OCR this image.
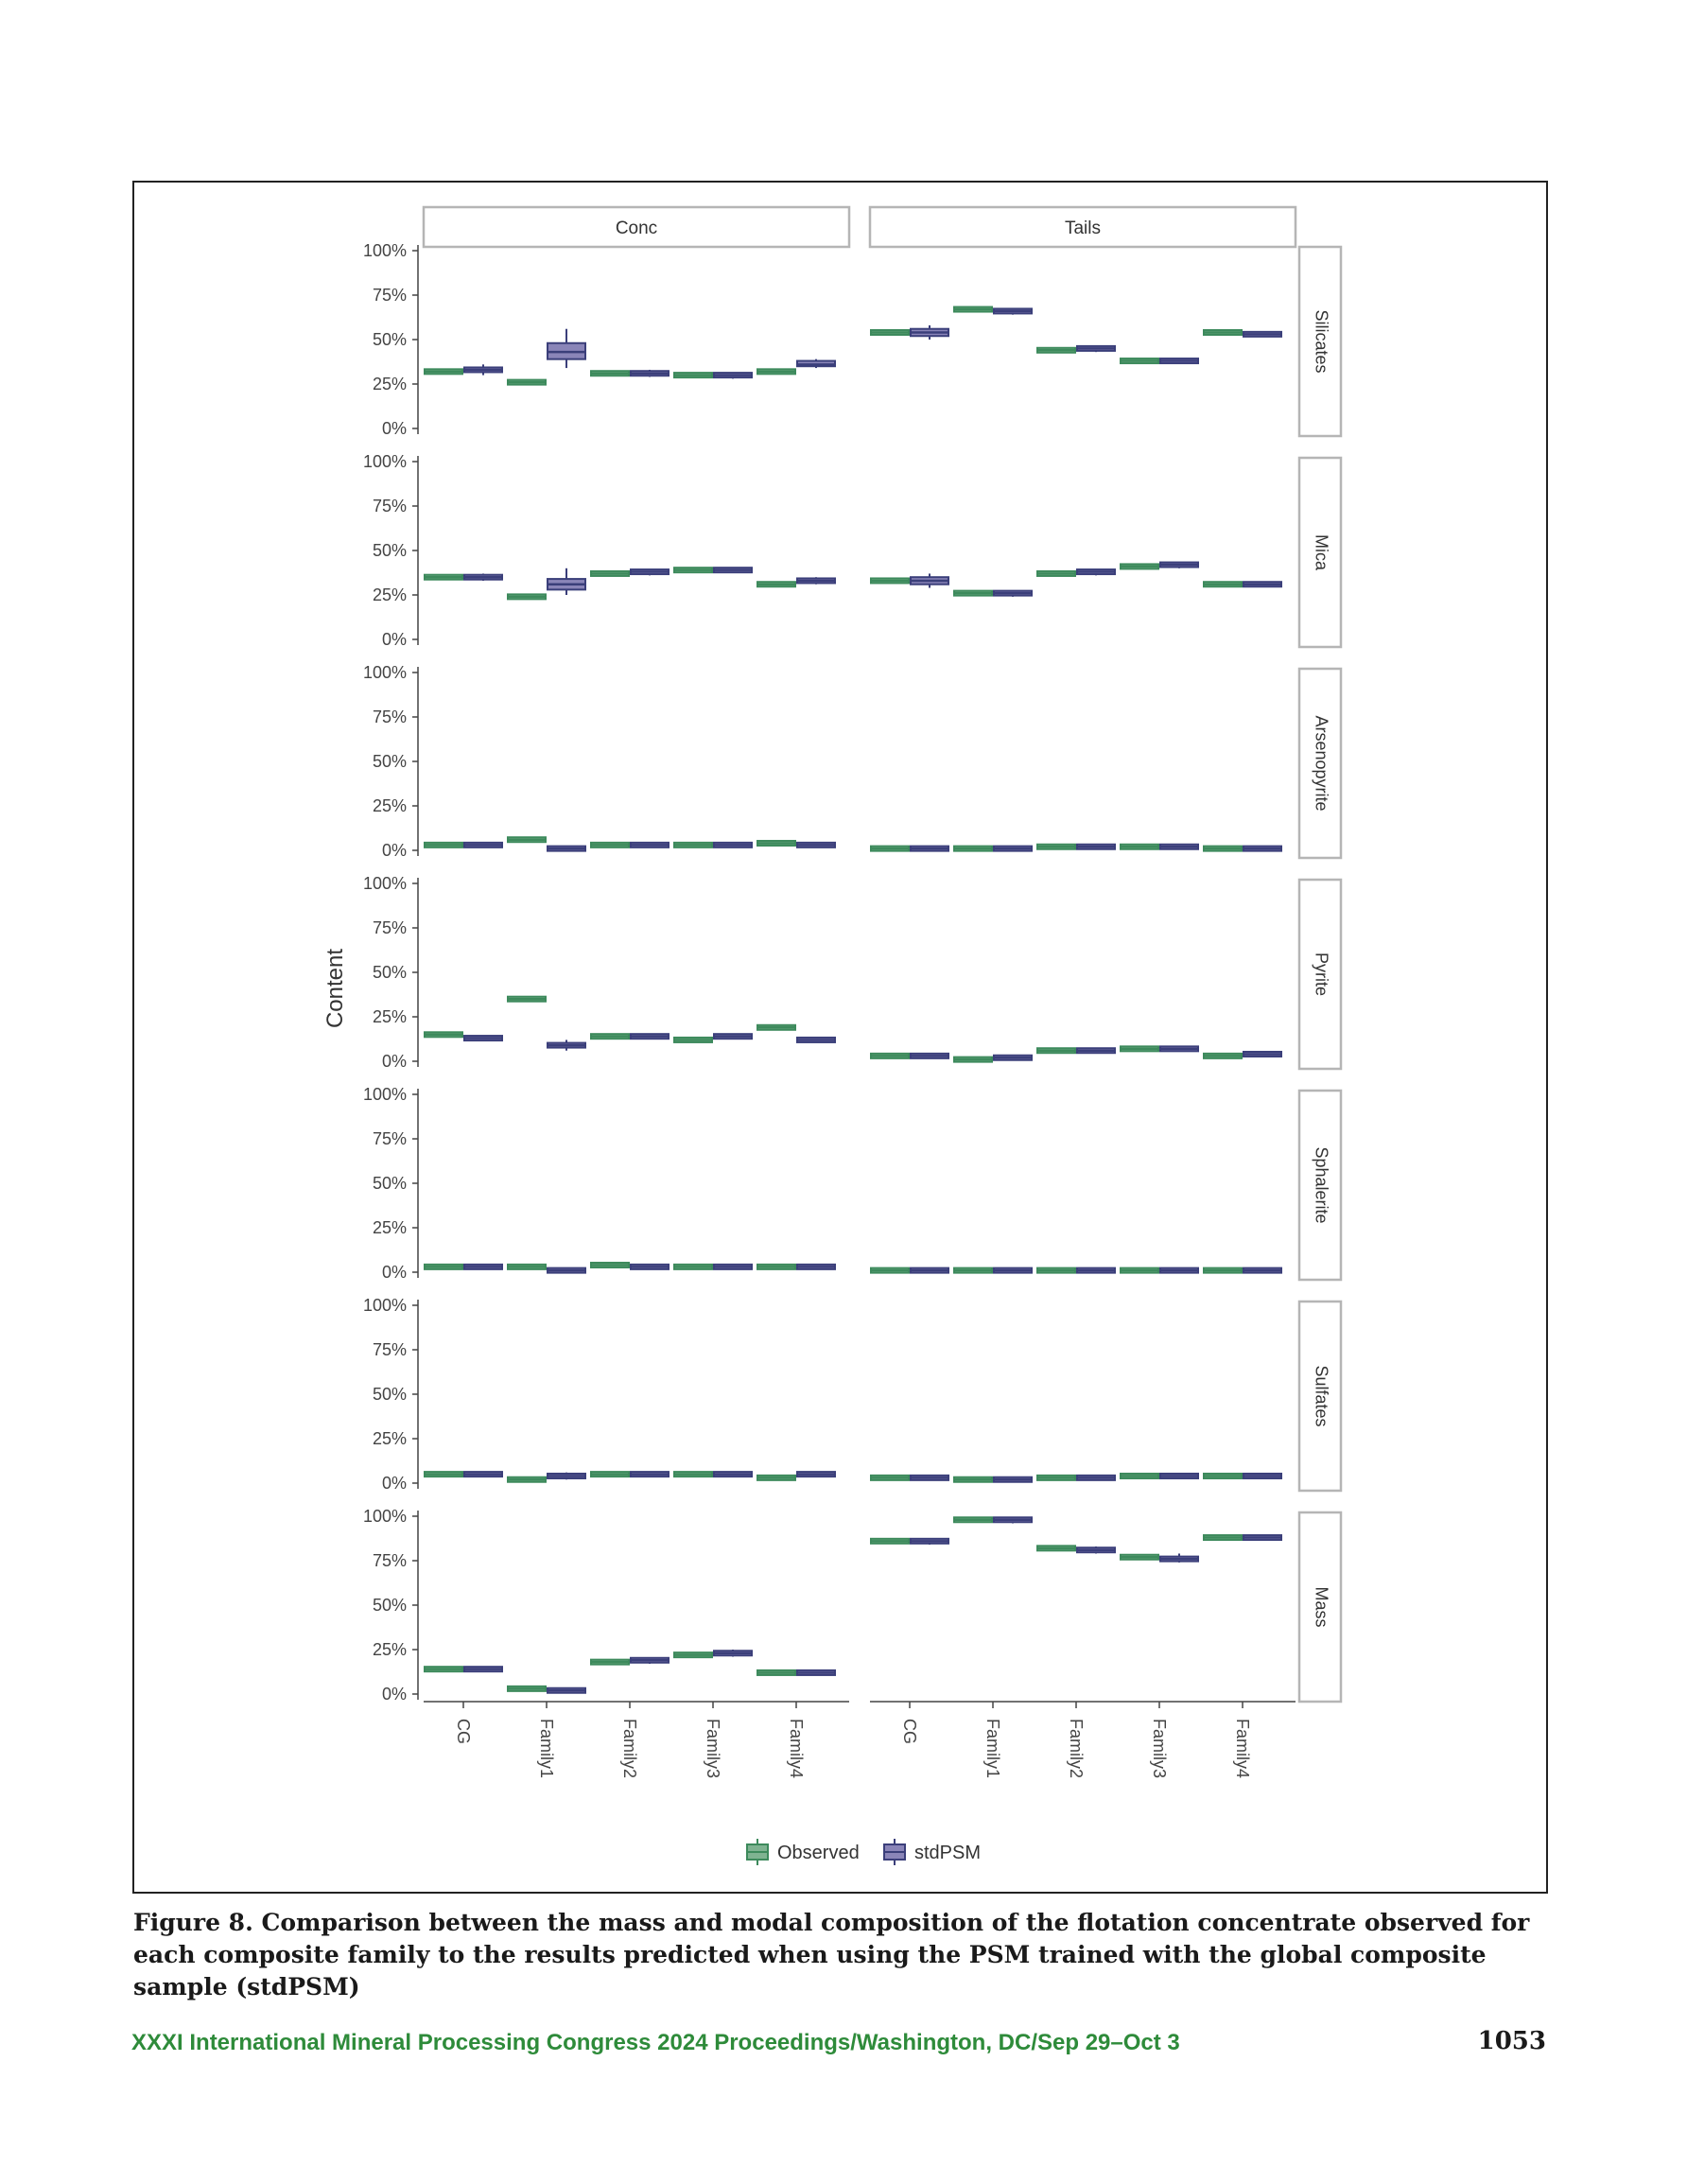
Conc	Tails
Silicates
0%
25%
50%
75%
100%
Mica
0%
25%
50%
75%
100%
Arsenopyrite
0%
25%
50%
75%
100%
Pyrite
0%
25%
50%
75%
100%
Sphalerite
0%
25%
50%
75%
100%
Sulfates
0%
25%
50%
75%
100%
Mass
0%
25%
50%
75%
100%
Content
CG	Family1	Family2	Family3	Family4	CG	Family1	Family2	Family3	Family4
Observed	stdPSM
Figure 8. Comparison between the mass and modal composition of the flotation concentrate observed for each composite family to the results predicted when using the PSM trained with the global composite sample (stdPSM)
XXXI International Mineral Processing Congress 2024 Proceedings/Washington, DC/Sep 29–Oct 3	1053
